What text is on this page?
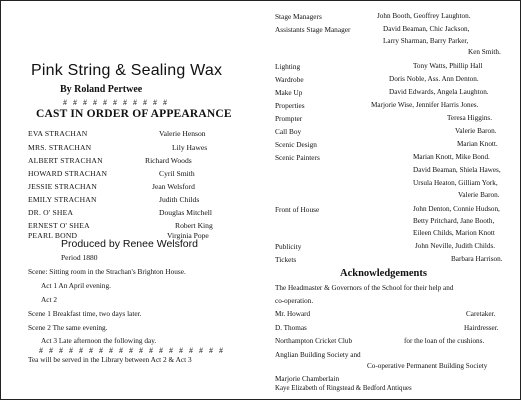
Pink String & Sealing Wax
By Roland Pertwee
# # # # # # # # # # #
CAST IN ORDER OF APPEARANCE
EVA STRACHAN	Valerie Henson
MRS. STRACHAN	Lily Hawes
ALBERT STRACHAN	Richard Woods
HOWARD STRACHAN	Cyril Smith
JESSIE STRACHAN	Jean Welsford
EMILY STRACHAN	Judith Childs
DR. O' SHEA	Douglas Mitchell
ERNEST O' SHEA	Robert King
PEARL BOND	Virginia Pope
Produced by Renee Welsford
Period 1880
Scene: Sitting room in the Strachan's Brighton House.
Act 1 An April evening.
Act 2
Scene 1 Breakfast time, two days later.
Scene 2 The same evening.
Act 3 Late afternoon the following day.
# # # # # # # # # # # # # # # # # # #
Tea will be served in the Library between Act 2 & Act 3
Stage Managers	John Booth, Geoffrey Laughton.
Assistants Stage Manager	David Beaman, Chic Jackson,
Larry Sharman, Barry Parker,
Ken Smith.
Lighting	Tony Watts, Phillip Hall
Wardrobe	Doris Noble, Ass. Ann Denton.
Make Up	David Edwards, Angela Laughton.
Properties	Marjorie Wise, Jennifer Harris Jones.
Prompter	Teresa Higgins.
Call Boy	Valerie Baron.
Scenic Design	Marian Knott.
Scenic Painters	Marian Knott, Mike Bond.
David Beaman, Shiela Hawes,
Ursula Heaton, Gilliam York,
Valerie Baron.
Front of House	John Denton, Connie Hudson,
Betty Pritchard, Jane Booth,
Eileen Childs, Marion Knott
Publicity	John Neville, Judith Childs.
Tickets	Barbara Harrison.
Acknowledgements
The Headmaster & Governors of the School for their help and
co-operation.
Mr. Howard	Caretaker.
D. Thomas	Hairdresser.
Northampton Cricket Club	for the loan of the cushions.
Anglian Building Society and
Co-operative Permanent Building Society
Marjorie Chamberlain
Kaye Elizabeth of Ringstead & Bedford Antiques
